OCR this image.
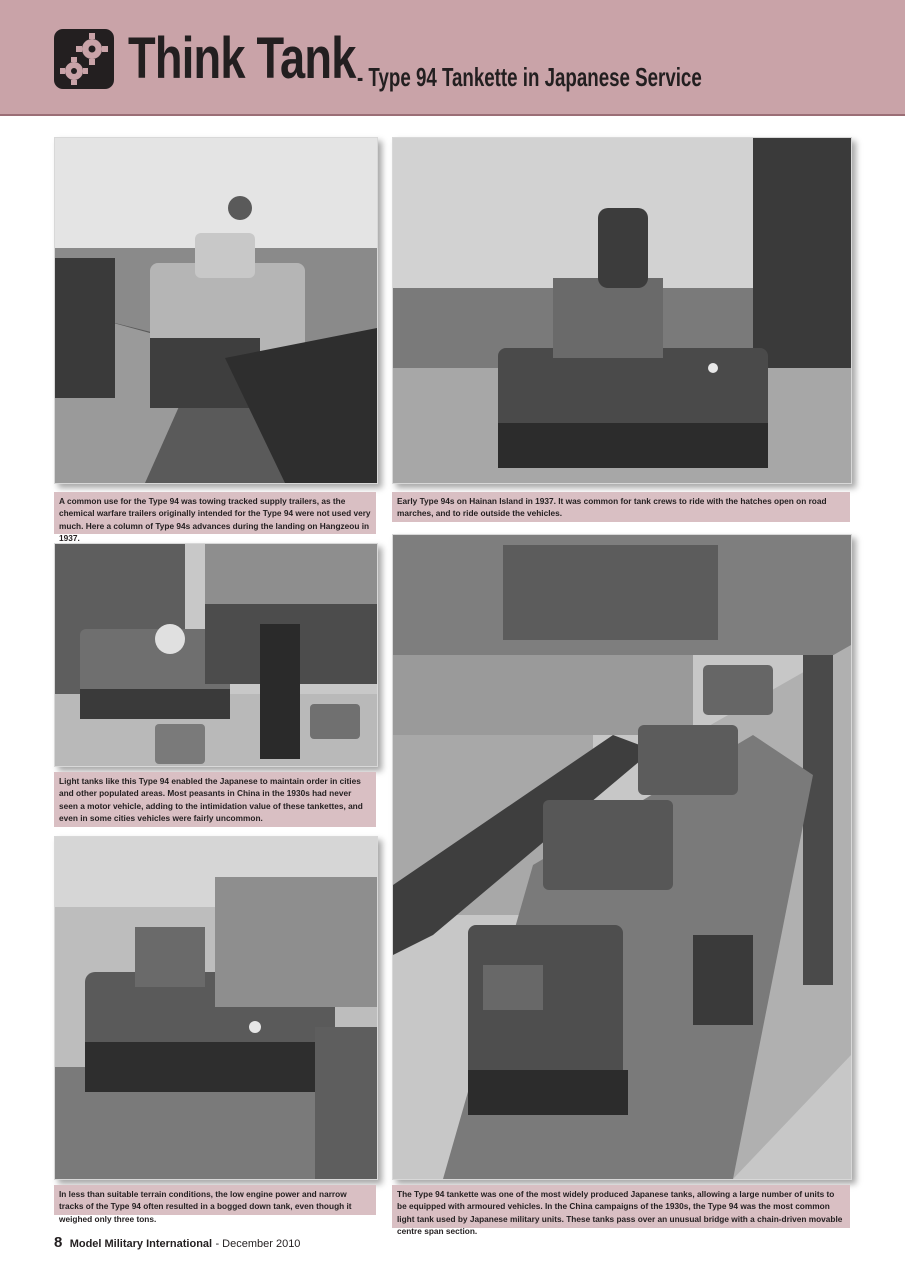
Think Tank - Type 94 Tankette in Japanese Service
A common use for the Type 94 was towing tracked supply trailers, as the chemical warfare trailers originally intended for the Type 94 were not used very much. Here a column of Type 94s advances during the landing on Hangzeou in 1937.
Early Type 94s on Hainan Island in 1937. It was common for tank crews to ride with the hatches open on road marches, and to ride outside the vehicles.
Light tanks like this Type 94 enabled the Japanese to maintain order in cities and other populated areas. Most peasants in China in the 1930s had never seen a motor vehicle, adding to the intimidation value of these tankettes, and even in some cities vehicles were fairly uncommon.
In less than suitable terrain conditions, the low engine power and narrow tracks of the Type 94 often resulted in a bogged down tank, even though it weighed only three tons.
The Type 94 tankette was one of the most widely produced Japanese tanks, allowing a large number of units to be equipped with armoured vehicles. In the China campaigns of the 1930s, the Type 94 was the most common light tank used by Japanese military units. These tanks pass over an unusual bridge with a chain-driven movable centre span section.
8 Model Military International - December 2010
